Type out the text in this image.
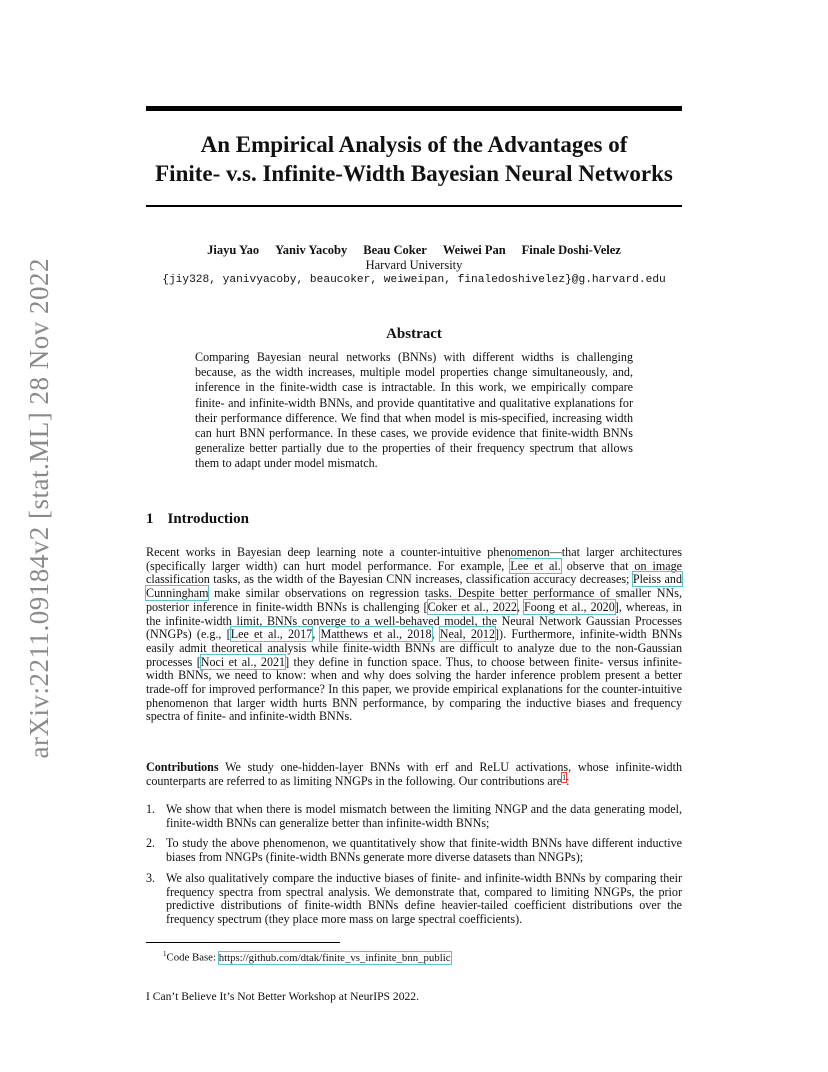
arXiv:2211.09184v2 [stat.ML] 28 Nov 2022
An Empirical Analysis of the Advantages of
Finite- v.s. Infinite-Width Bayesian Neural Networks
Jiayu Yao Yaniv Yacoby Beau Coker Weiwei Pan Finale Doshi-Velez
Harvard University
{jiy328, yanivyacoby, beaucoker, weiweipan, finaledoshivelez}@g.harvard.edu
Abstract

Comparing Bayesian neural networks (BNNs) with different widths is challenging because, as the width increases, multiple model properties change simultaneously, and, inference in the finite-width case is intractable. In this work, we empirically compare finite- and infinite-width BNNs, and provide quantitative and qualitative explanations for their performance difference. We find that when model is mis-specified, increasing width can hurt BNN performance. In these cases, we provide evidence that finite-width BNNs generalize better partially due to the properties of their frequency spectrum that allows them to adapt under model mismatch.

1 Introduction

Recent works in Bayesian deep learning note a counter-intuitive phenomenon—that larger architectures (specifically larger width) can hurt model performance. For example, Lee et al. observe that on image classification tasks, as the width of the Bayesian CNN increases, classification accuracy decreases; Pleiss and Cunningham make similar observations on regression tasks. Despite better performance of smaller NNs, posterior inference in finite-width BNNs is challenging [Coker et al., 2022, Foong et al., 2020], whereas, in the infinite-width limit, BNNs converge to a well-behaved model, the Neural Network Gaussian Processes (NNGPs) (e.g., [Lee et al., 2017, Matthews et al., 2018, Neal, 2012]). Furthermore, infinite-width BNNs easily admit theoretical analysis while finite-width BNNs are difficult to analyze due to the non-Gaussian processes [Noci et al., 2021] they define in function space. Thus, to choose between finite- versus infinite-width BNNs, we need to know: when and why does solving the harder inference problem present a better trade-off for improved performance? In this paper, we provide empirical explanations for the counter-intuitive phenomenon that larger width hurts BNN performance, by comparing the inductive biases and frequency spectra of finite- and infinite-width BNNs.

Contributions We study one-hidden-layer BNNs with erf and ReLU activations, whose infinite-width counterparts are referred to as limiting NNGPs in the following. Our contributions are$^1$:

1. We show that when there is model mismatch between the limiting NNGP and the data generating model, finite-width BNNs can generalize better than infinite-width BNNs;
2. To study the above phenomenon, we quantitatively show that finite-width BNNs have different inductive biases from NNGPs (finite-width BNNs generate more diverse datasets than NNGPs);
3. We also qualitatively compare the inductive biases of finite- and infinite-width BNNs by comparing their frequency spectra from spectral analysis. We demonstrate that, compared to limiting NNGPs, the prior predictive distributions of finite-width BNNs define heavier-tailed coefficient distributions over the frequency spectrum (they place more mass on large spectral coefficients).

$^1$Code Base: https://github.com/dtak/finite_vs_infinite_bnn_public

I Can’t Believe It’s Not Better Workshop at NeurIPS 2022.
